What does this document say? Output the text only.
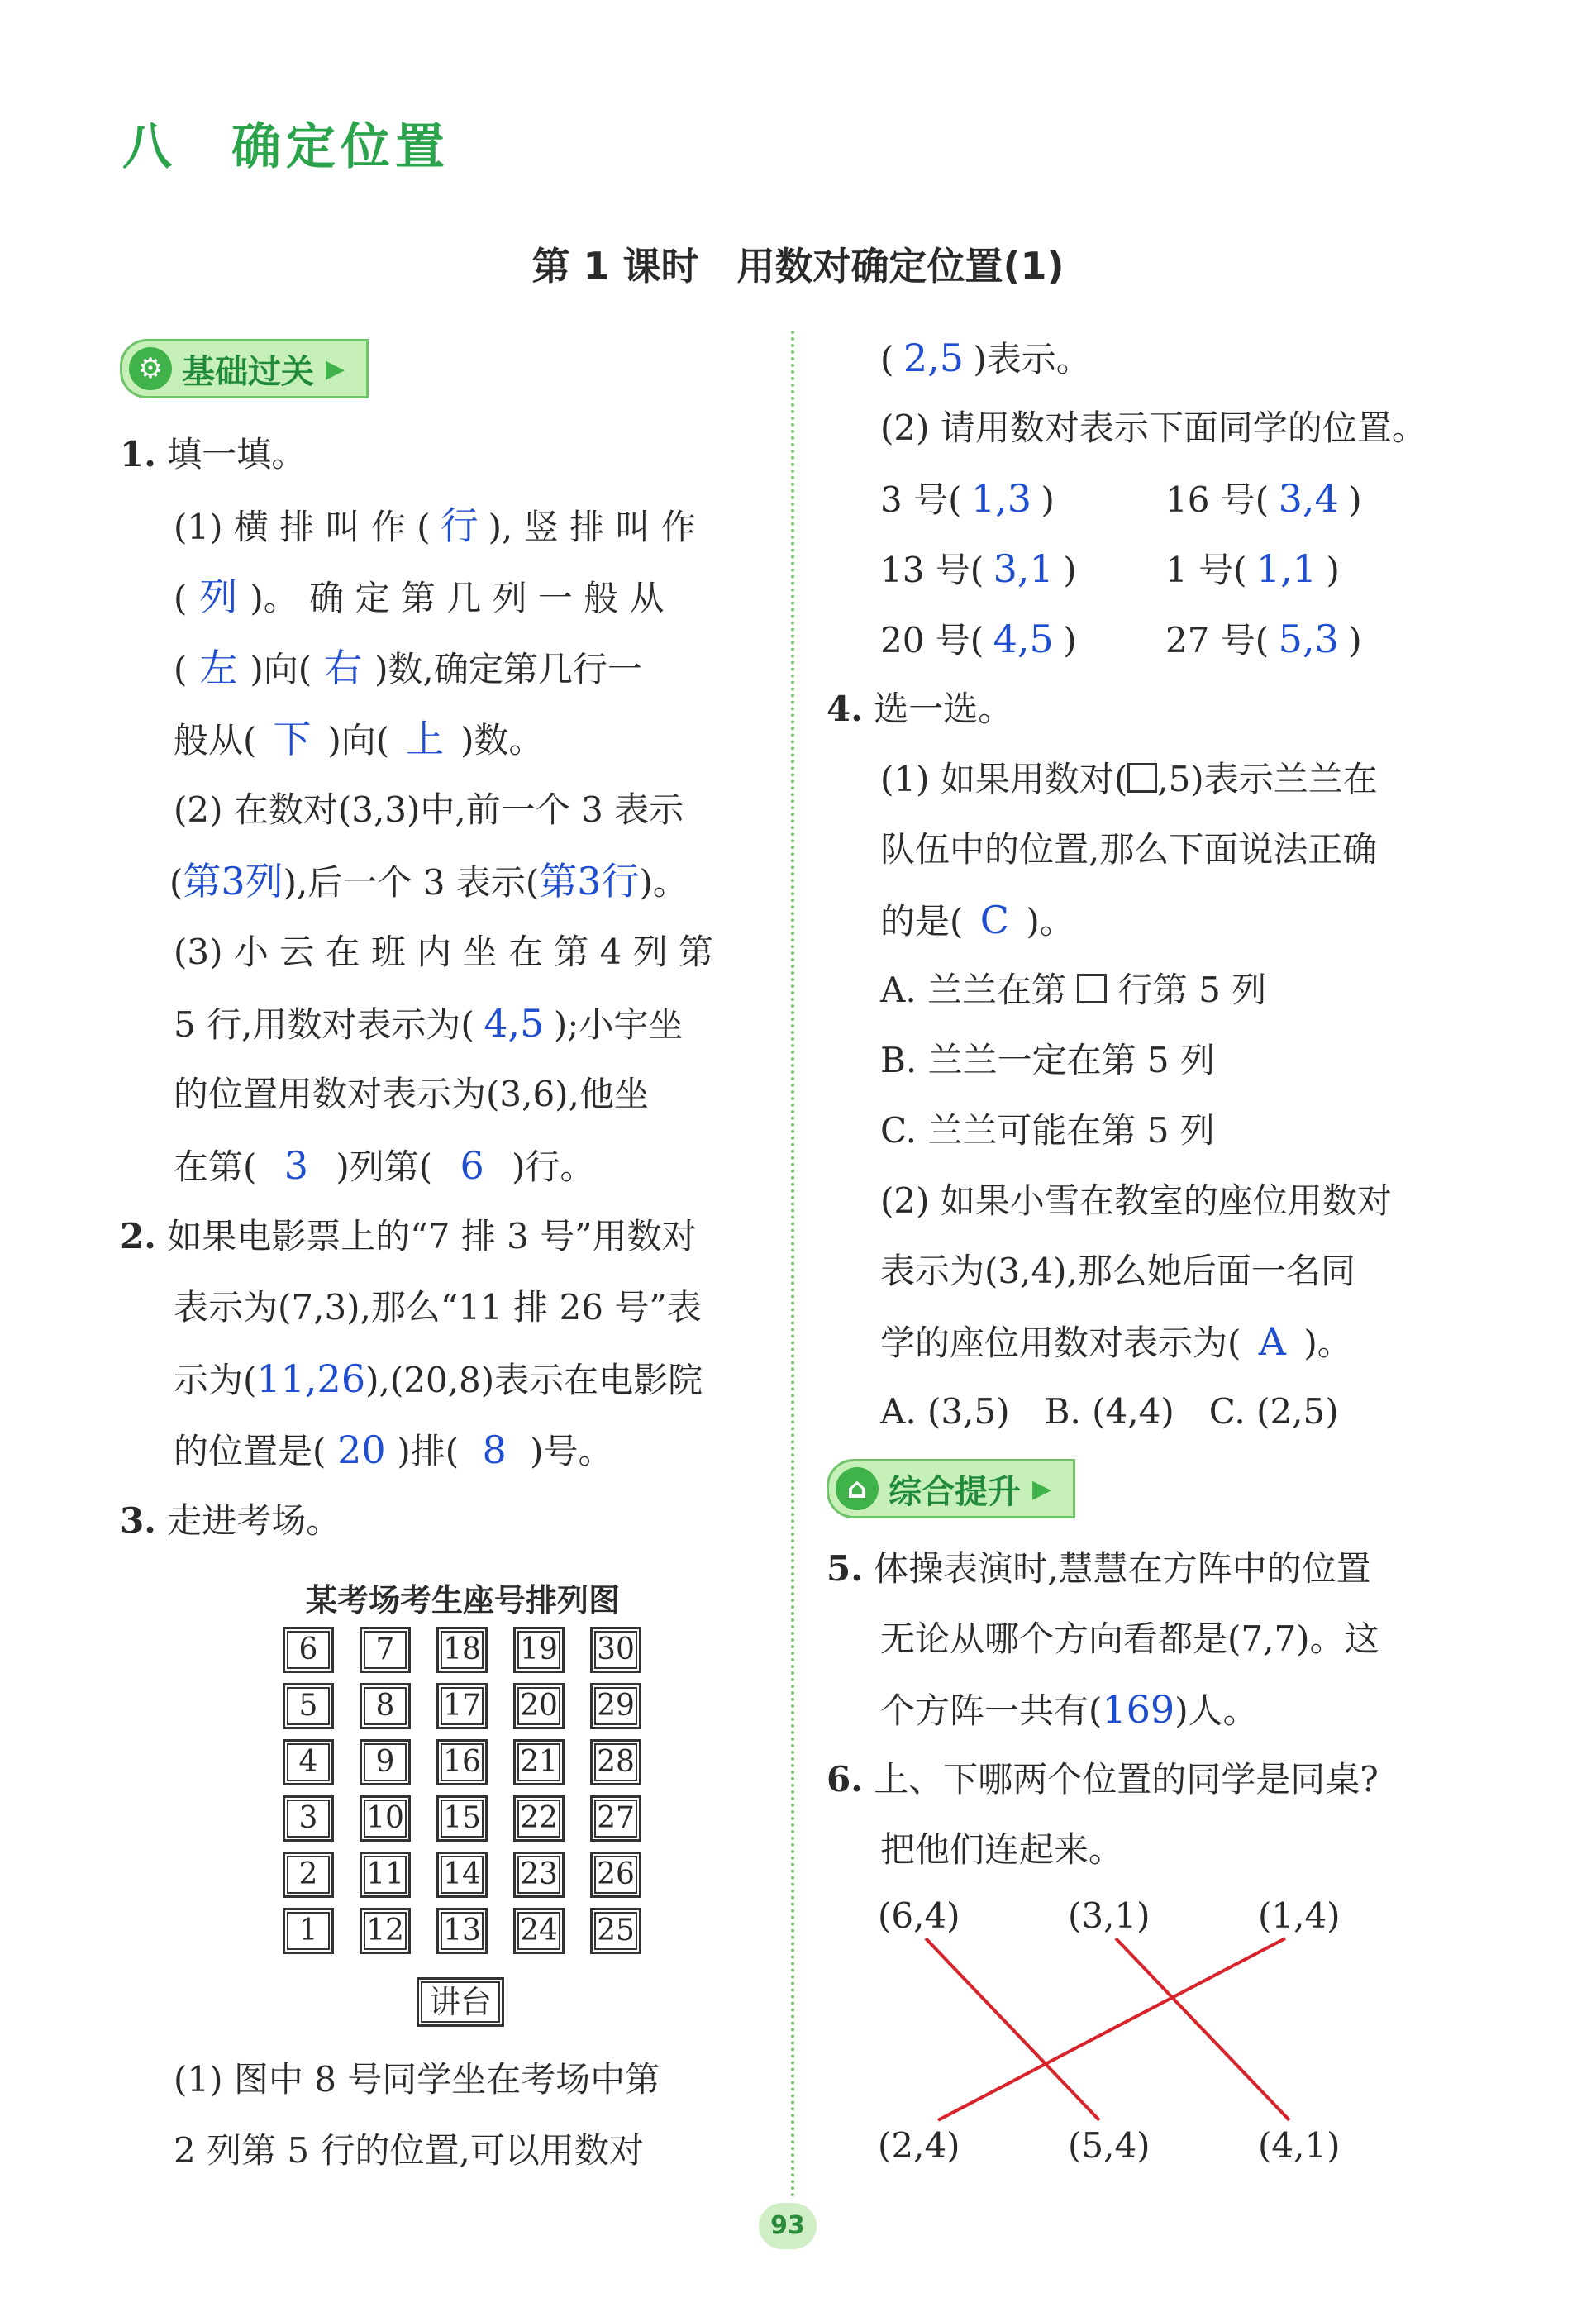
八　确定位置
第 1 课时　用数对确定位置(1)
⚙ 基础过关 ▶
1. 填一填。
(1) 横 排 叫 作 ( 行 ), 竖 排 叫 作
( 列 )。 确 定 第 几 列 一 般 从
( 左 )向( 右 )数,确定第几行一
般从( 下 )向( 上 )数。
(2) 在数对(3,3)中,前一个 3 表示
(第3列),后一个 3 表示(第3行)。
(3) 小 云 在 班 内 坐 在 第 4 列 第
5 行,用数对表示为( 4,5 );小宇坐
的位置用数对表示为(3,6),他坐
在第( 3 )列第( 6 )行。
2. 如果电影票上的“7 排 3 号”用数对
表示为(7,3),那么“11 排 26 号”表
示为(11,26),(20,8)表示在电影院
的位置是( 20 )排( 8 )号。
3. 走进考场。
某考场考生座号排列图
6	7	18 19 30
5	8	17 20 29
4	9	16 21 28
3	10 15 22 27
2	11 14 23 26
1	12 13 24 25
讲台
(1) 图中 8 号同学坐在考场中第
2 列第 5 行的位置,可以用数对
( 2,5 )表示。
(2) 请用数对表示下面同学的位置。
3 号( 1,3 )	16 号( 3,4 )
13 号( 3,1 )	1 号( 1,1 )
20 号( 4,5 )	27 号( 5,3 )
4. 选一选。
(1) 如果用数对( ,5)表示兰兰在
队伍中的位置,那么下面说法正确
的是( C )。
A. 兰兰在第 行第 5 列
B. 兰兰一定在第 5 列
C. 兰兰可能在第 5 列
(2) 如果小雪在教室的座位用数对
表示为(3,4),那么她后面一名同
学的座位用数对表示为( A )。
A. (3,5)　B. (4,4)　C. (2,5)
⌂ 综合提升 ▶
5. 体操表演时,慧慧在方阵中的位置
无论从哪个方向看都是(7,7)。这
个方阵一共有(169)人。
6. 上、下哪两个位置的同学是同桌?
把他们连起来。
(6,4)	(3,1)	(1,4)
(2,4)	(5,4)	(4,1)
93
